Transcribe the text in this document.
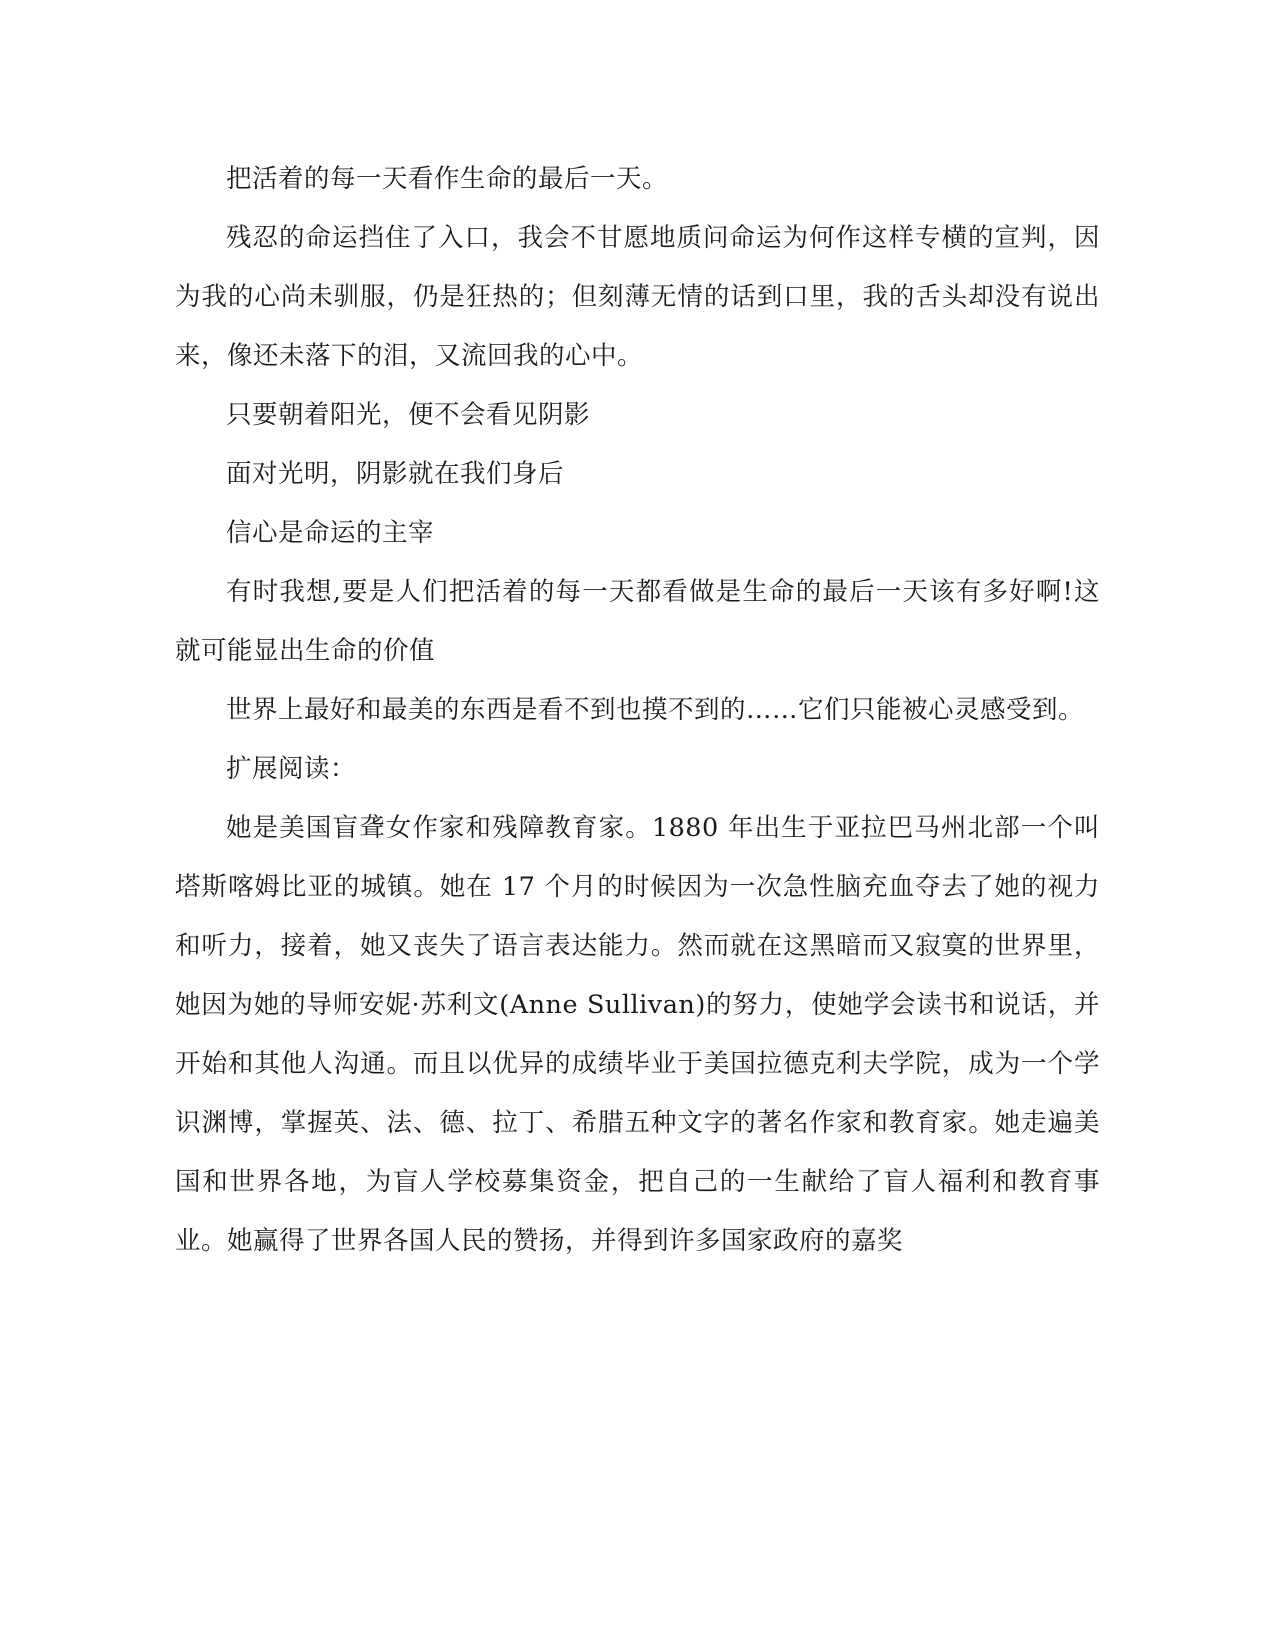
把活着的每一天看作生命的最后一天。

残忍的命运挡住了入口，我会不甘愿地质问命运为何作这样专横的宣判，因为我的心尚未驯服，仍是狂热的；但刻薄无情的话到口里，我的舌头却没有说出来，像还未落下的泪，又流回我的心中。

只要朝着阳光，便不会看见阴影

面对光明，阴影就在我们身后

信心是命运的主宰

有时我想,要是人们把活着的每一天都看做是生命的最后一天该有多好啊!这就可能显出生命的价值

世界上最好和最美的东西是看不到也摸不到的……它们只能被心灵感受到。

扩展阅读：

她是美国盲聋女作家和残障教育家。1880 年出生于亚拉巴马州北部一个叫塔斯喀姆比亚的城镇。她在 17 个月的时候因为一次急性脑充血夺去了她的视力和听力，接着，她又丧失了语言表达能力。然而就在这黑暗而又寂寞的世界里，她因为她的导师安妮·苏利文(Anne Sullivan)的努力，使她学会读书和说话，并开始和其他人沟通。而且以优异的成绩毕业于美国拉德克利夫学院，成为一个学识渊博，掌握英、法、德、拉丁、希腊五种文字的著名作家和教育家。她走遍美国和世界各地，为盲人学校募集资金，把自己的一生献给了盲人福利和教育事业。她赢得了世界各国人民的赞扬，并得到许多国家政府的嘉奖
